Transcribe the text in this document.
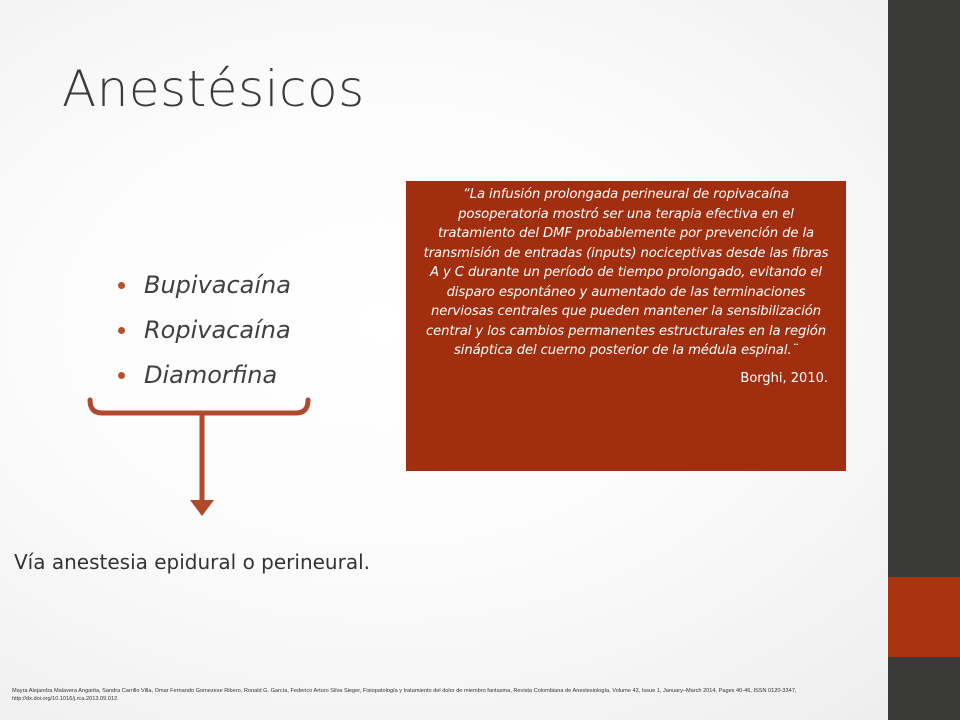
Anestésicos
Bupivacaína
Ropivacaína
Diamorfina
Vía anestesia epidural o perineural.
“La infusión prolongada perineural de ropivacaína posoperatoria mostró ser una terapia efectiva en el tratamiento del DMF probablemente por prevención de la transmisión de entradas (inputs) nociceptivas desde las fibras A y C durante un período de tiempo prolongado, evitando el disparo espontáneo y aumentado de las terminaciones nerviosas centrales que pueden mantener la sensibilización central y los cambios permanentes estructurales en la región sináptica del cuerno posterior de la médula espinal.¨
Borghi, 2010.
Mayra Alejandra Malavera Angarita, Sandra Carrillo Villa, Omar Fernando Gomezese Ribero, Ronald G. García, Federico Arturo Silva Sieger, Fisiopatología y tratamiento del dolor de miembro fantasma, Revista Colombiana de Anestesiología, Volume 42, Issue 1, January–March 2014, Pages 40-46, ISSN 0120-3347, http://dx.doi.org/10.1016/j.rca.2013.09.012.
